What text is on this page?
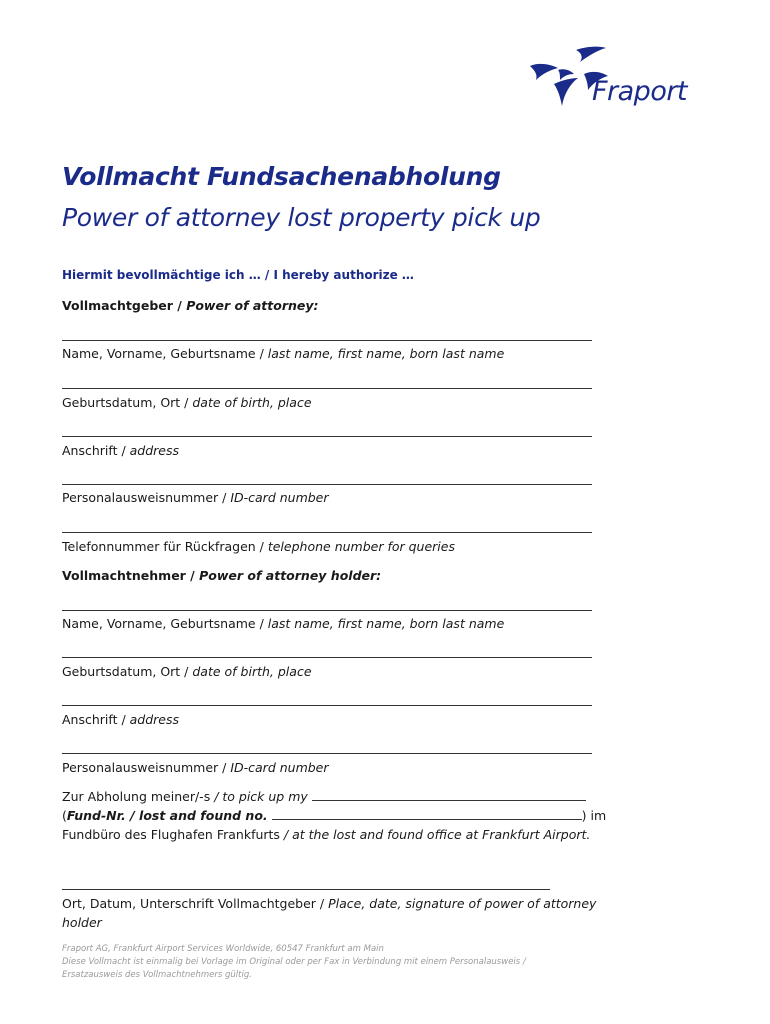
Fraport
Vollmacht Fundsachenabholung
Power of attorney lost property pick up
Hiermit bevollmächtige ich … / I hereby authorize …
Vollmachtgeber / Power of attorney:
Name, Vorname, Geburtsname / last name, first name, born last name
Geburtsdatum, Ort / date of birth, place
Anschrift / address
Personalausweisnummer / ID-card number
Telefonnummer für Rückfragen / telephone number for queries
Vollmachtnehmer / Power of attorney holder:
Name, Vorname, Geburtsname / last name, first name, born last name
Geburtsdatum, Ort / date of birth, place
Anschrift / address
Personalausweisnummer / ID-card number
Zur Abholung meiner/-s / to pick up my
(Fund-Nr. / lost and found no.	) im
Fundbüro des Flughafen Frankfurts / at the lost and found office at Frankfurt Airport.
Ort, Datum, Unterschrift Vollmachtgeber / Place, date, signature of power of attorney holder
Fraport AG, Frankfurt Airport Services Worldwide, 60547 Frankfurt am Main
Diese Vollmacht ist einmalig bei Vorlage im Original oder per Fax in Verbindung mit einem Personalausweis / Ersatzausweis des Vollmachtnehmers gültig.
